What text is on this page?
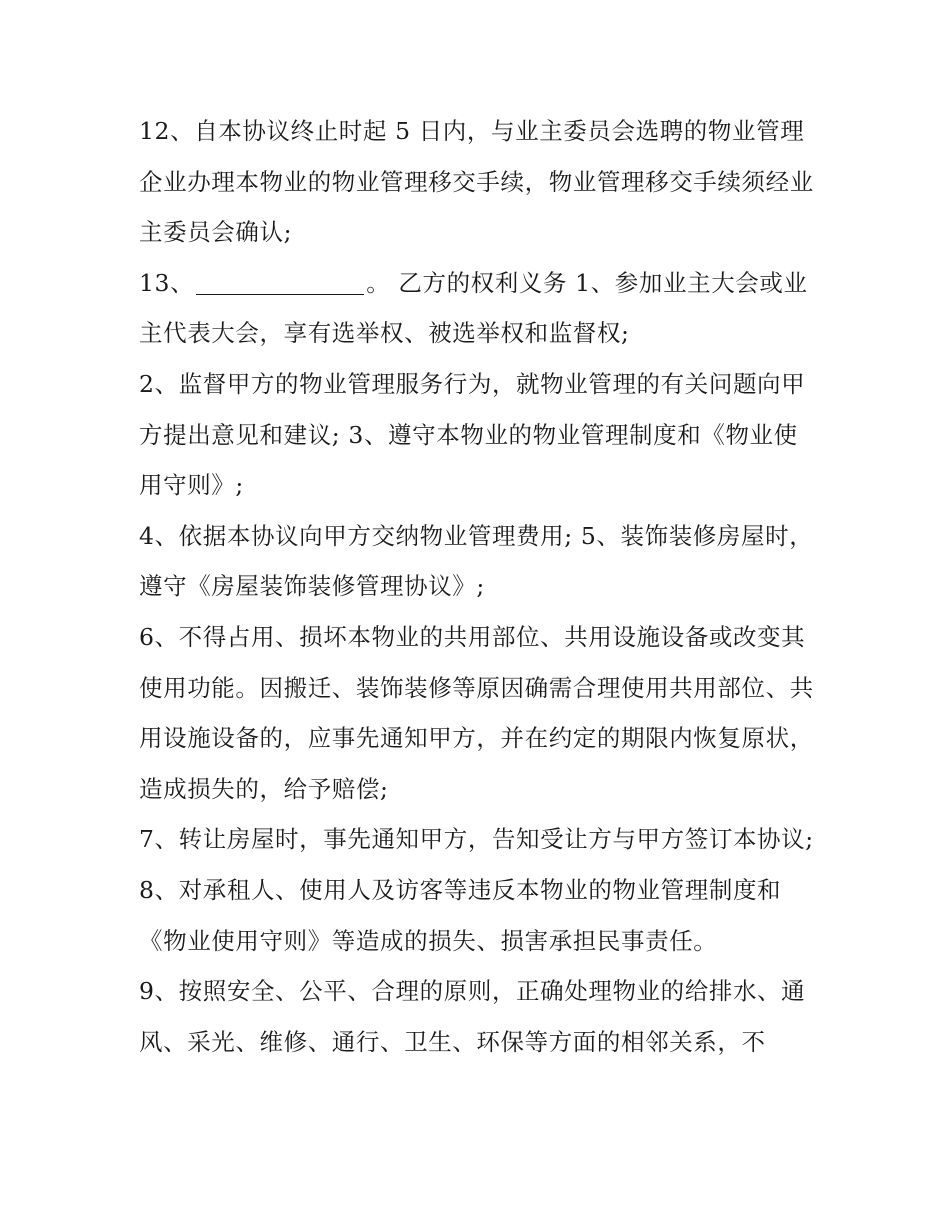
12、自本协议终止时起 5 日内，与业主委员会选聘的物业管理企业办理本物业的物业管理移交手续，物业管理移交手续须经业主委员会确认;

13、	。 乙方的权利义务 1、参加业主大会或业主代表大会，享有选举权、被选举权和监督权;

2、监督甲方的物业管理服务行为，就物业管理的有关问题向甲方提出意见和建议; 3、遵守本物业的物业管理制度和《物业使用守则》;

4、依据本协议向甲方交纳物业管理费用; 5、装饰装修房屋时，遵守《房屋装饰装修管理协议》;

6、不得占用、损坏本物业的共用部位、共用设施设备或改变其使用功能。因搬迁、装饰装修等原因确需合理使用共用部位、共用设施设备的，应事先通知甲方，并在约定的期限内恢复原状，造成损失的，给予赔偿;

7、转让房屋时，事先通知甲方，告知受让方与甲方签订本协议;

8、对承租人、使用人及访客等违反本物业的物业管理制度和《物业使用守则》等造成的损失、损害承担民事责任。

9、按照安全、公平、合理的原则，正确处理物业的给排水、通风、采光、维修、通行、卫生、环保等方面的相邻关系，不
